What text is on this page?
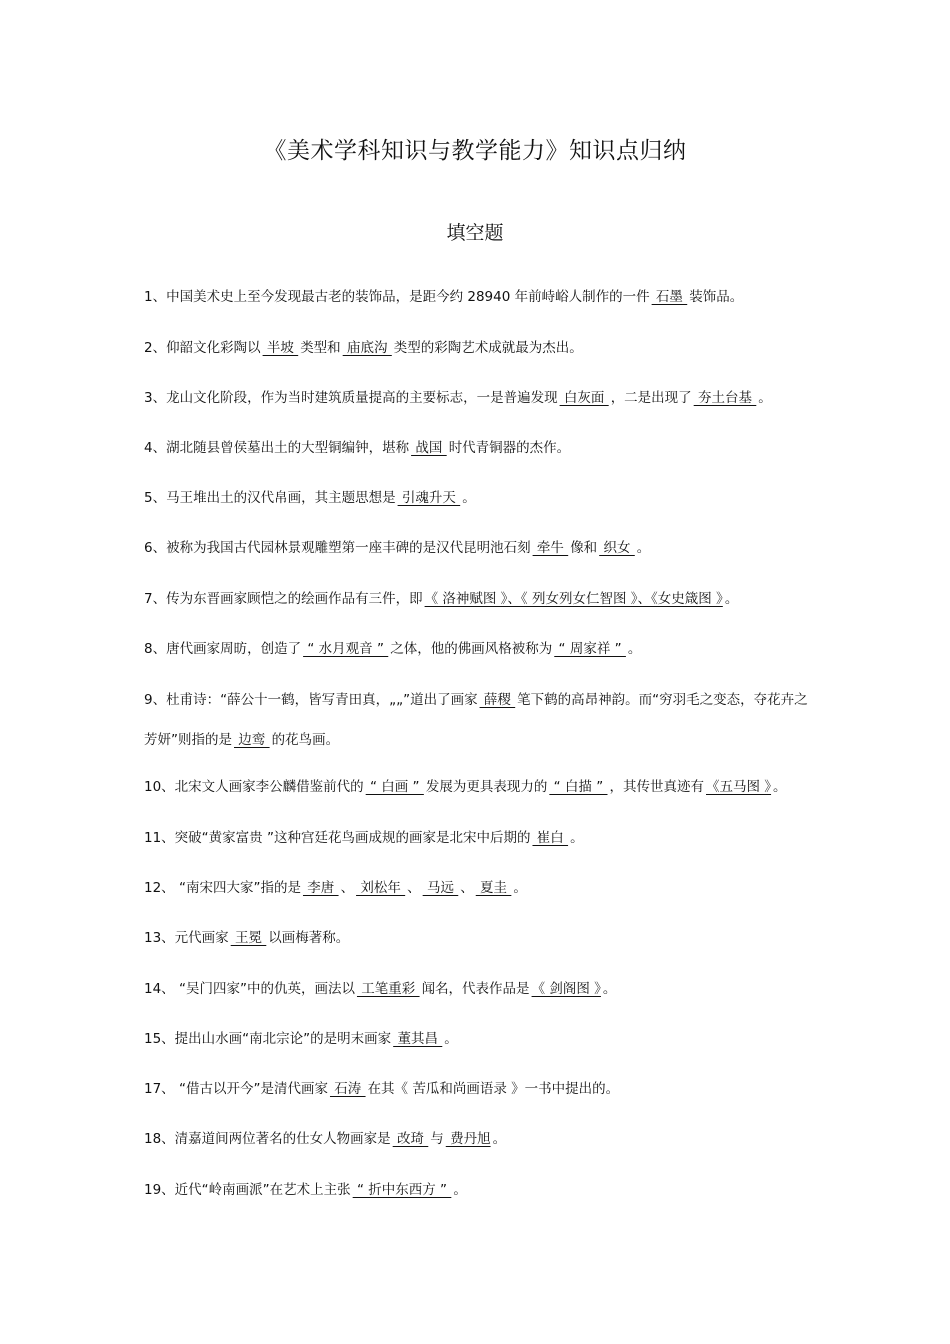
《美术学科知识与教学能力》知识点归纳
填空题
1、中国美术史上至今发现最古老的装饰品，是距今约 28940 年前峙峪人制作的一件 石墨 装饰品。
2、仰韶文化彩陶以 半坡 类型和 庙底沟 类型的彩陶艺术成就最为杰出。
3、龙山文化阶段，作为当时建筑质量提高的主要标志，一是普遍发现 白灰面 ，二是出现了 夯土台基 。
4、湖北随县曾侯墓出土的大型铜编钟，堪称 战国 时代青铜器的杰作。
5、马王堆出土的汉代帛画，其主题思想是 引魂升天 。
6、被称为我国古代园林景观雕塑第一座丰碑的是汉代昆明池石刻 牵牛 像和 织女 。
7、传为东晋画家顾恺之的绘画作品有三件，即 《 洛神赋图 》、《 列女列女仁智图 》、《女史箴图 》 。
8、唐代画家周昉，创造了 “ 水月观音 ” 之体，他的佛画风格被称为 “ 周家祥 ” 。
9、杜甫诗：“薛公十一鹤，皆写青田真，„„”道出了画家 薛稷 笔下鹤的高昂神韵。而“穷羽毛之变态，夺花卉之芳妍”则指的是 边鸾 的花鸟画。
10、北宋文人画家李公麟借鉴前代的 “ 白画 ” 发展为更具表现力的 “ 白描 ” ，其传世真迹有 《五马图 》 。
11、突破“黄家富贵 ”这种宫廷花鸟画成规的画家是北宋中后期的 崔白 。
12、 “南宋四大家”指的是 李唐 、 刘松年 、 马远 、 夏圭 。
13、元代画家 王冕 以画梅著称。
14、 “吴门四家”中的仇英，画法以 工笔重彩 闻名，代表作品是 《 剑阁图 》 。
15、提出山水画“南北宗论”的是明末画家 董其昌 。
17、 “借古以开今”是清代画家 石涛 在其《 苦瓜和尚画语录 》一书中提出的。
18、清嘉道间两位著名的仕女人物画家是 改琦 与 费丹旭 。
19、近代“岭南画派”在艺术上主张 “ 折中东西方 ” 。
